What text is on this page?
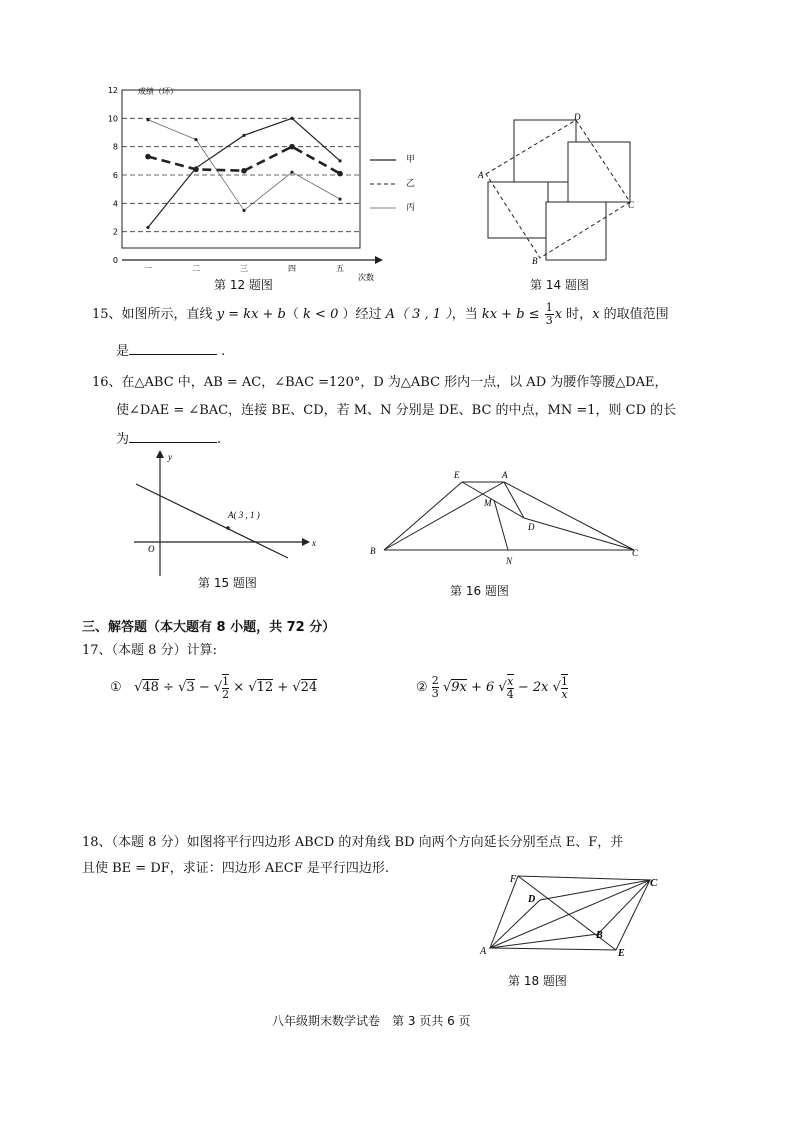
0
2
4
6
8
10
12
一	二	三	四	五
成绩（环）
次数
第 12 题图
A
D
C
B
第 14 题图
15、如图所示，直线 y = kx + b（ k < 0 ）经过 A（ 3 , 1 ），当 kx + $b \le \frac{1}{3}$ x 时，x 的取值范围
是	.
16、在△ABC 中，AB = AC，∠BAC =120°，D 为△ABC 形内一点，以 AD 为腰作等腰△DAE，
使∠DAE = ∠BAC，连接 BE、CD，若 M、N 分别是 DE、BC 的中点，MN =1，则 CD 的长
为	.
y
x
O
A( 3 , 1 )
第 15 题图
E	A
M
D
B	C
N
第 16 题图
三、解答题（本大题有 8 小题，共 72 分）
17、（本题 8 分）计算:
① √48 ÷ √3 − √ $\frac{1}{2} \times √12 + √24$	② $\frac{2}{3} √9x + 6$ √ $\frac{x}{4} - 2x$ √ $\frac{1}{x}$
18、（本题 8 分）如图将平行四边形 ABCD 的对角线 BD 向两个方向延长分别至点 E、F，并
且使 BE = DF，求证：四边形 AECF 是平行四边形.
F	C
D
B
A	E
第 18 题图
八年级期末数学试卷　第 3 页共 6 页
甲
乙
丙
